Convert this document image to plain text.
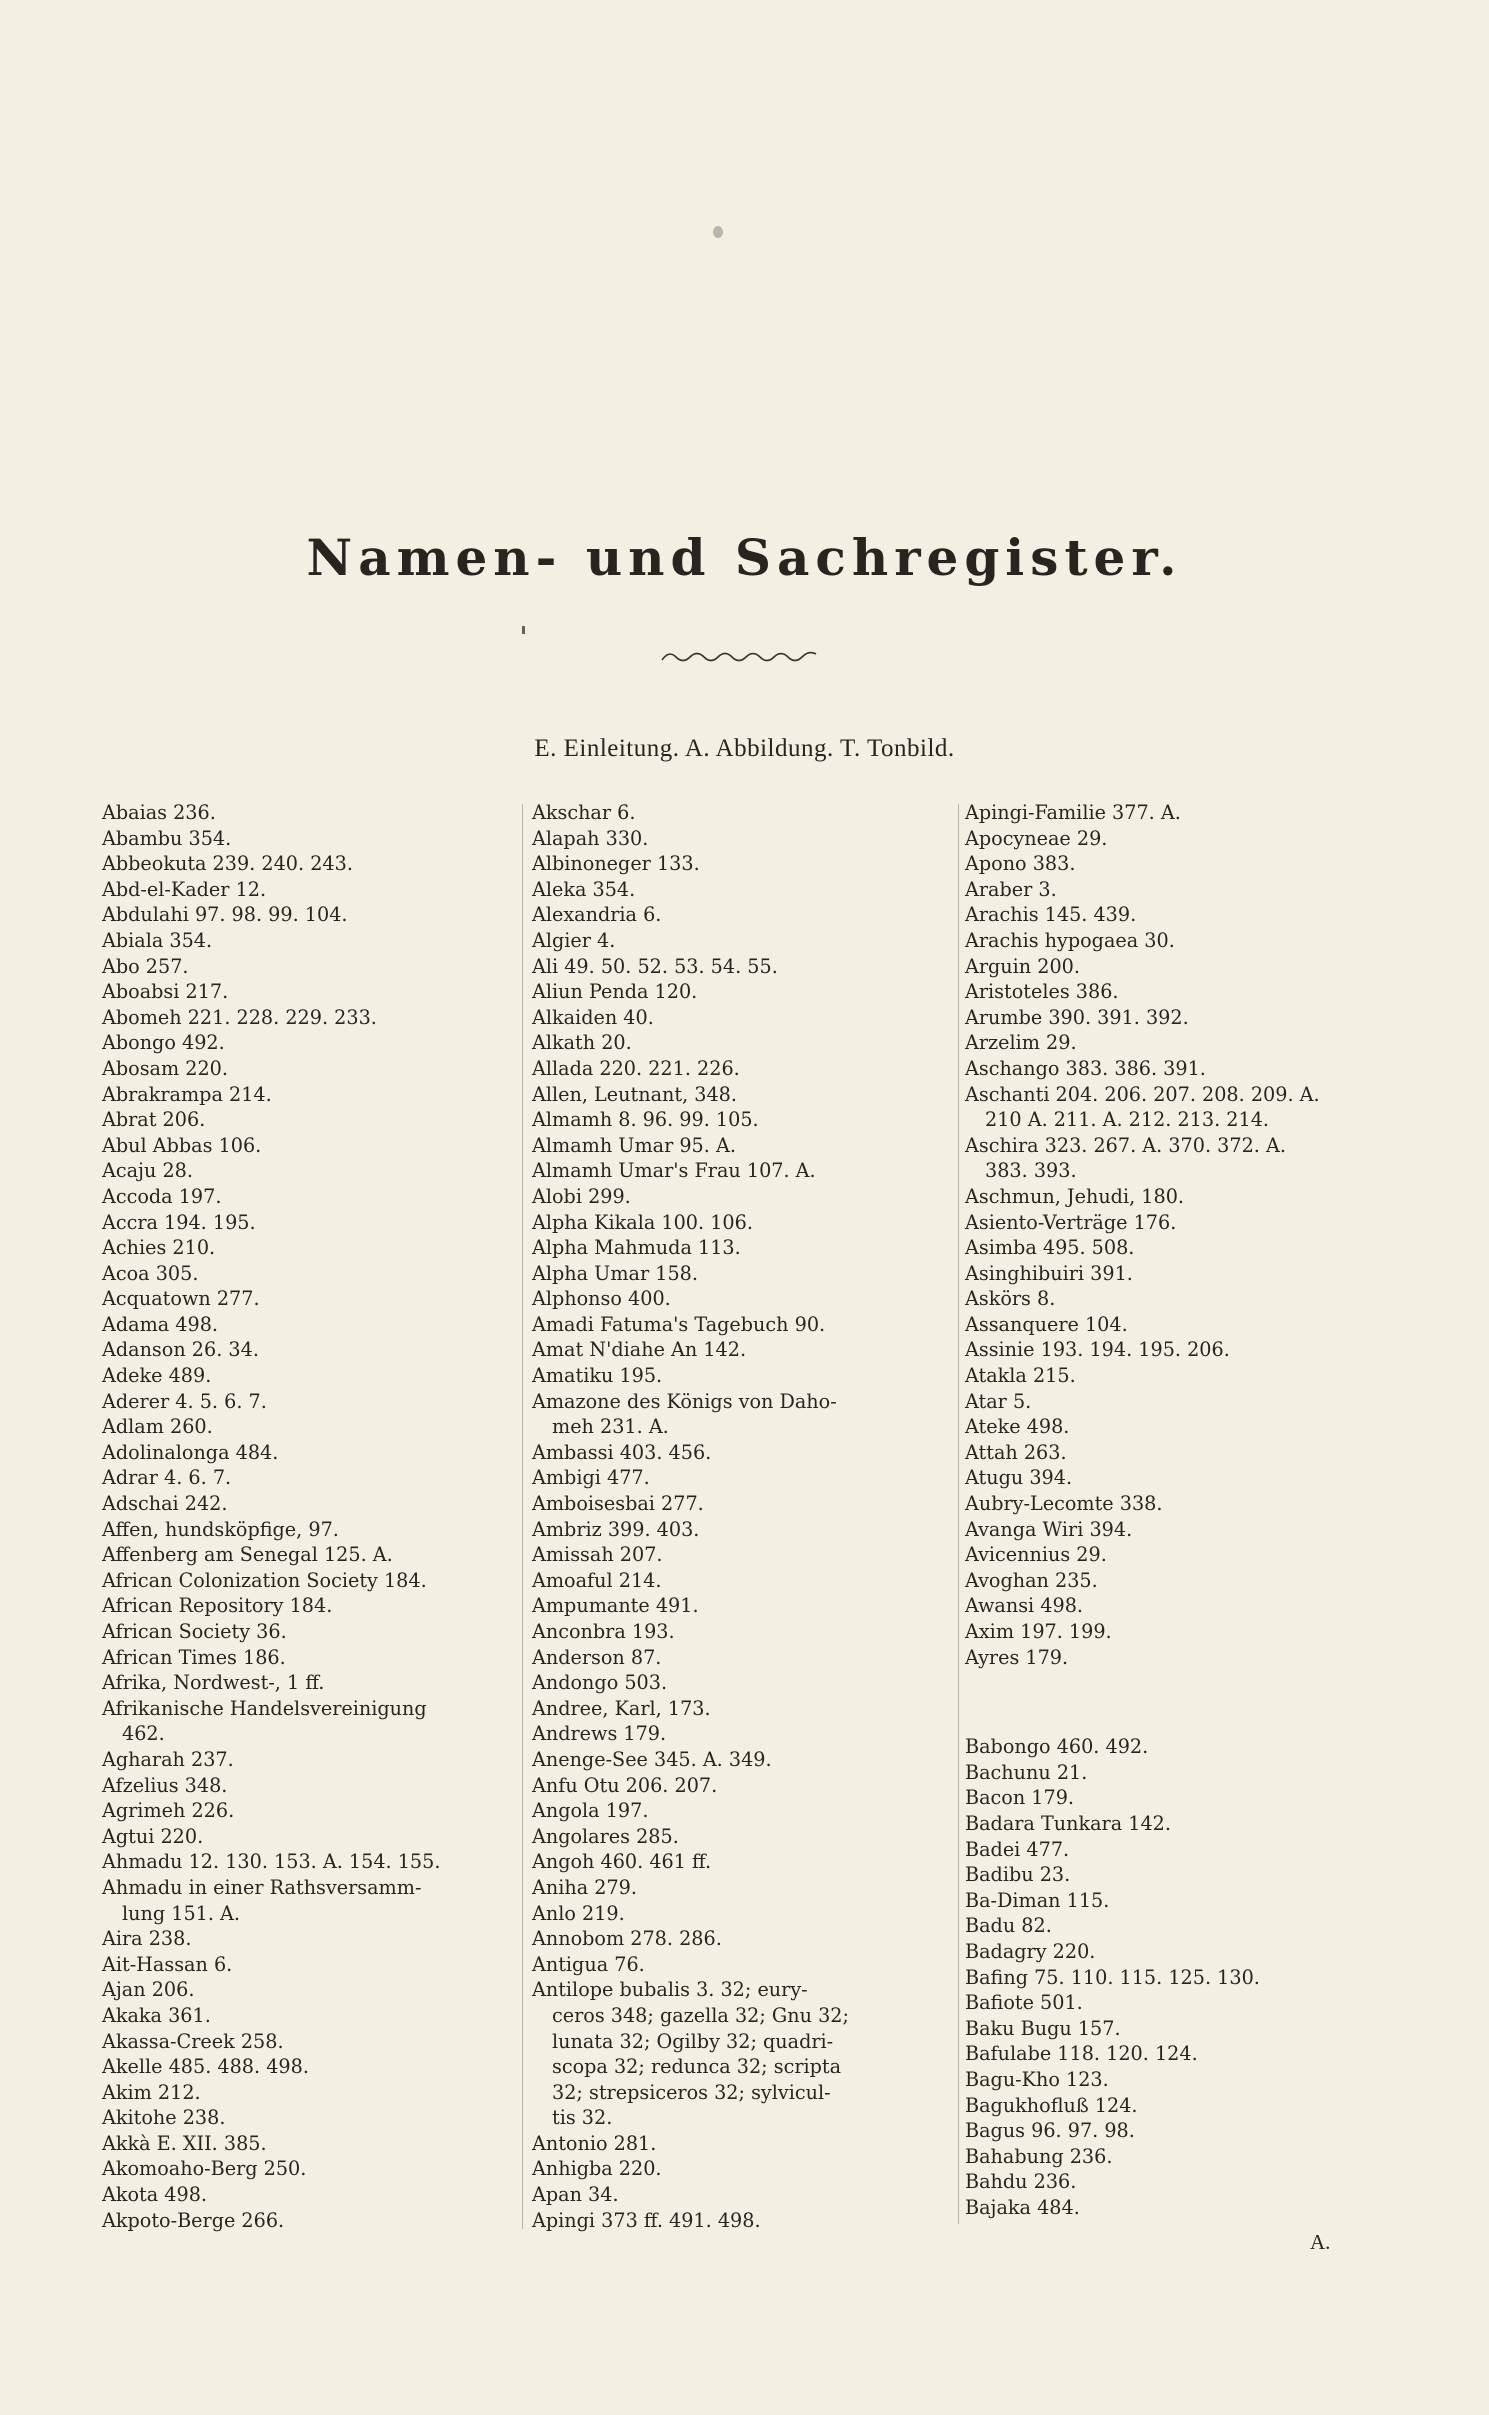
Namen- und Sachregister.
E. Einleitung. A. Abbildung. T. Tonbild.
Abaias 236.
Abambu 354.
Abbeokuta 239. 240. 243.
Abd-el-Kader 12.
Abdulahi 97. 98. 99. 104.
Abiala 354.
Abo 257.
Aboabsi 217.
Abomeh 221. 228. 229. 233.
Abongo 492.
Abosam 220.
Abrakrampa 214.
Abrat 206.
Abul Abbas 106.
Acaju 28.
Accoda 197.
Accra 194. 195.
Achies 210.
Acoa 305.
Acquatown 277.
Adama 498.
Adanson 26. 34.
Adeke 489.
Aderer 4. 5. 6. 7.
Adlam 260.
Adolinalonga 484.
Adrar 4. 6. 7.
Adschai 242.
Affen, hundsköpfige, 97.
Affenberg am Senegal 125. A.
African Colonization Society 184.
African Repository 184.
African Society 36.
African Times 186.
Afrika, Nordwest-, 1 ff.
Afrikanische Handelsvereinigung
462.
Agharah 237.
Afzelius 348.
Agrimeh 226.
Agtui 220.
Ahmadu 12. 130. 153. A. 154. 155.
Ahmadu in einer Rathsversamm-
lung 151. A.
Aira 238.
Ait-Hassan 6.
Ajan 206.
Akaka 361.
Akassa-Creek 258.
Akelle 485. 488. 498.
Akim 212.
Akitohe 238.
Akkà E. XII. 385.
Akomoaho-Berg 250.
Akota 498.
Akpoto-Berge 266.
Akschar 6.
Alapah 330.
Albinoneger 133.
Aleka 354.
Alexandria 6.
Algier 4.
Ali 49. 50. 52. 53. 54. 55.
Aliun Penda 120.
Alkaiden 40.
Alkath 20.
Allada 220. 221. 226.
Allen, Leutnant, 348.
Almamh 8. 96. 99. 105.
Almamh Umar 95. A.
Almamh Umar's Frau 107. A.
Alobi 299.
Alpha Kikala 100. 106.
Alpha Mahmuda 113.
Alpha Umar 158.
Alphonso 400.
Amadi Fatuma's Tagebuch 90.
Amat N'diahe An 142.
Amatiku 195.
Amazone des Königs von Daho-
meh 231. A.
Ambassi 403. 456.
Ambigi 477.
Amboisesbai 277.
Ambriz 399. 403.
Amissah 207.
Amoaful 214.
Ampumante 491.
Anconbra 193.
Anderson 87.
Andongo 503.
Andree, Karl, 173.
Andrews 179.
Anenge-See 345. A. 349.
Anfu Otu 206. 207.
Angola 197.
Angolares 285.
Angoh 460. 461 ff.
Aniha 279.
Anlo 219.
Annobom 278. 286.
Antigua 76.
Antilope bubalis 3. 32; eury-
ceros 348; gazella 32; Gnu 32;
lunata 32; Ogilby 32; quadri-
scopa 32; redunca 32; scripta
32; strepsiceros 32; sylvicul-
tis 32.
Antonio 281.
Anhigba 220.
Apan 34.
Apingi 373 ff. 491. 498.
Apingi-Familie 377. A.
Apocyneae 29.
Apono 383.
Araber 3.
Arachis 145. 439.
Arachis hypogaea 30.
Arguin 200.
Aristoteles 386.
Arumbe 390. 391. 392.
Arzelim 29.
Aschango 383. 386. 391.
Aschanti 204. 206. 207. 208. 209. A.
210 A. 211. A. 212. 213. 214.
Aschira 323. 267. A. 370. 372. A.
383. 393.
Aschmun, Jehudi, 180.
Asiento-Verträge 176.
Asimba 495. 508.
Asinghibuiri 391.
Askörs 8.
Assanquere 104.
Assinie 193. 194. 195. 206.
Atakla 215.
Atar 5.
Ateke 498.
Attah 263.
Atugu 394.
Aubry-Lecomte 338.
Avanga Wiri 394.
Avicennius 29.
Avoghan 235.
Awansi 498.
Axim 197. 199.
Ayres 179.
Babongo 460. 492.
Bachunu 21.
Bacon 179.
Badara Tunkara 142.
Badei 477.
Badibu 23.
Ba-Diman 115.
Badu 82.
Badagry 220.
Bafing 75. 110. 115. 125. 130.
Bafiote 501.
Baku Bugu 157.
Bafulabe 118. 120. 124.
Bagu-Kho 123.
Bagukhofluß 124.
Bagus 96. 97. 98.
Bahabung 236.
Bahdu 236.
Bajaka 484.
A.
